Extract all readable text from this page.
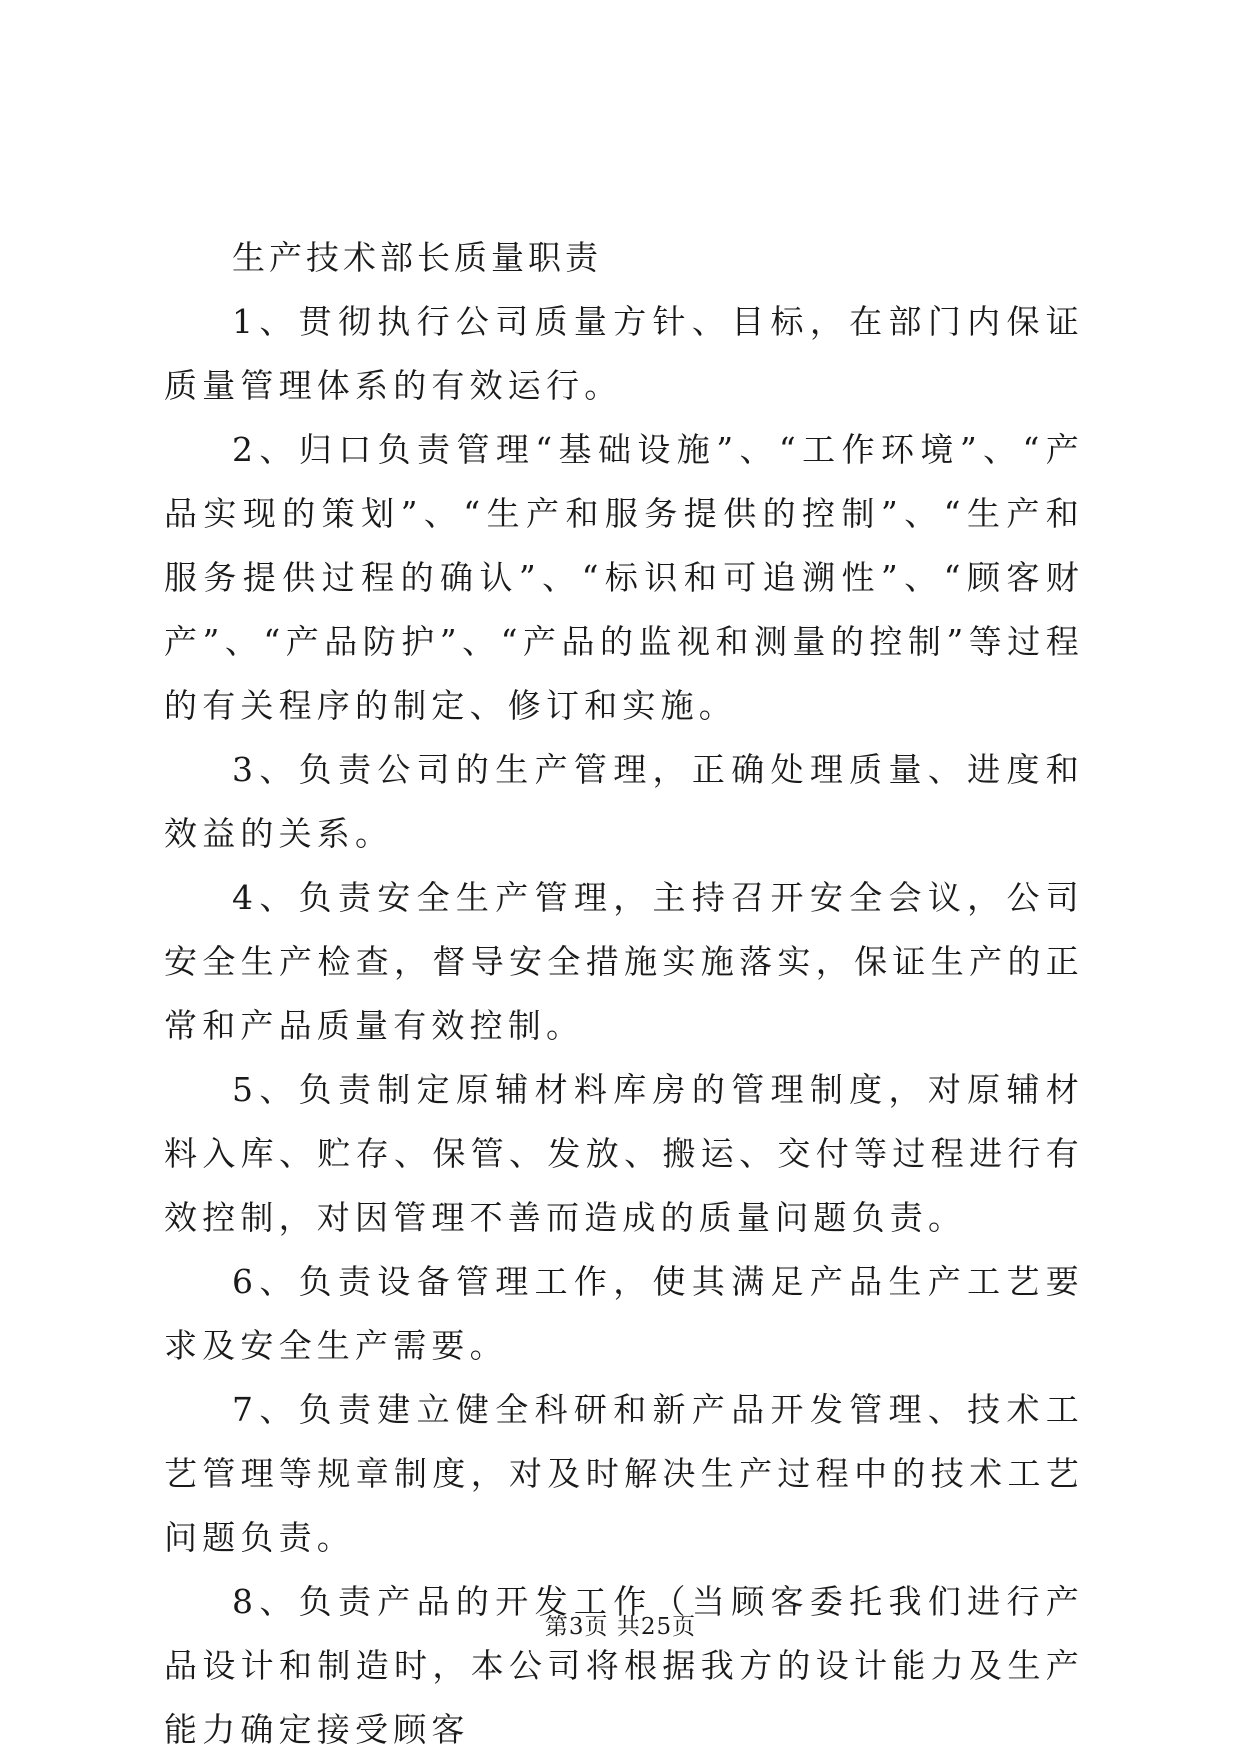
生产技术部长质量职责

1、贯彻执行公司质量方针、目标，在部门内保证质量管理体系的有效运行。

2、归口负责管理“基础设施”、“工作环境”、“产品实现的策划”、“生产和服务提供的控制”、“生产和服务提供过程的确认”、“标识和可追溯性”、“顾客财产”、“产品防护”、“产品的监视和测量的控制”等过程的有关程序的制定、修订和实施。

3、负责公司的生产管理，正确处理质量、进度和效益的关系。

4、负责安全生产管理，主持召开安全会议，公司安全生产检查，督导安全措施实施落实，保证生产的正常和产品质量有效控制。

5、负责制定原辅材料库房的管理制度，对原辅材料入库、贮存、保管、发放、搬运、交付等过程进行有效控制，对因管理不善而造成的质量问题负责。

6、负责设备管理工作，使其满足产品生产工艺要求及安全生产需要。

7、负责建立健全科研和新产品开发管理、技术工艺管理等规章制度，对及时解决生产过程中的技术工艺问题负责。

8、负责产品的开发工作（当顾客委托我们进行产品设计和制造时，本公司将根据我方的设计能力及生产能力确定接受顾客

第3页 共25页
